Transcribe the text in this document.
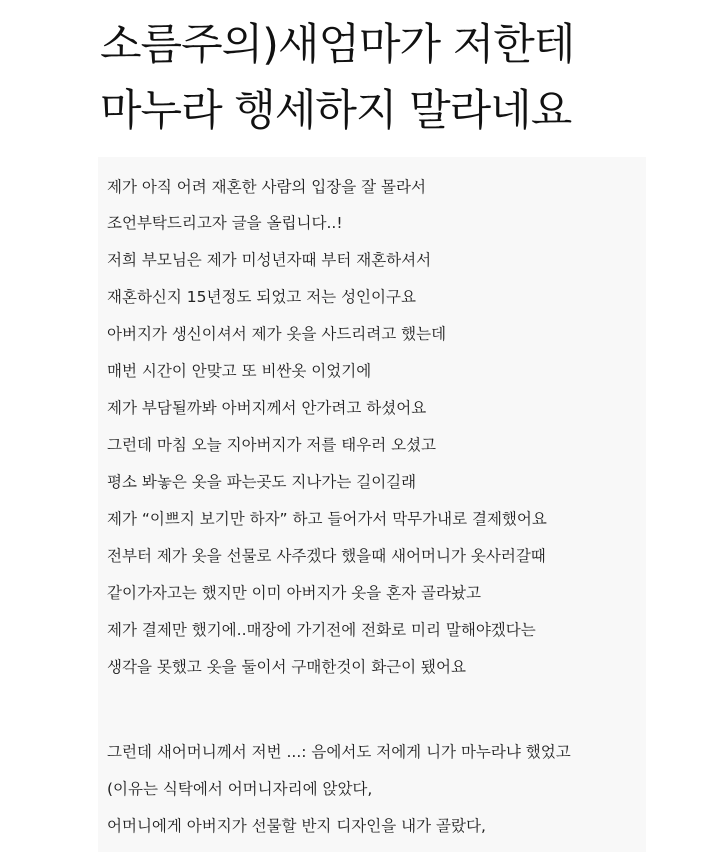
소름주의)새엄마가 저한테
마누라 행세하지 말라네요

제가 아직 어려 재혼한 사람의 입장을 잘 몰라서

조언부탁드리고자 글을 올립니다..!

저희 부모님은 제가 미성년자때 부터 재혼하셔서

재혼하신지 15년정도 되었고 저는 성인이구요

아버지가 생신이셔서 제가 옷을 사드리려고 했는데

매번 시간이 안맞고 또 비싼옷 이었기에

제가 부담될까봐 아버지께서 안가려고 하셨어요

그런데 마침 오늘 지아버지가 저를 태우러 오셨고

평소 봐놓은 옷을 파는곳도 지나가는 길이길래

제가 “이쁘지 보기만 하자” 하고 들어가서 막무가내로 결제했어요

전부터 제가 옷을 선물로 사주겠다 했을때 새어머니가 옷사러갈때

같이가자고는 했지만 이미 아버지가 옷을 혼자 골라놨고

제가 결제만 했기에..매장에 가기전에 전화로 미리 말해야겠다는

생각을 못했고 옷을 둘이서 구매한것이 화근이 됐어요

그런데 새어머니께서 저번 ...: 음에서도 저에게 니가 마누라냐 했었고

(이유는 식탁에서 어머니자리에 앉았다,

어머니에게 아버지가 선물할 반지 디자인을 내가 골랐다,
